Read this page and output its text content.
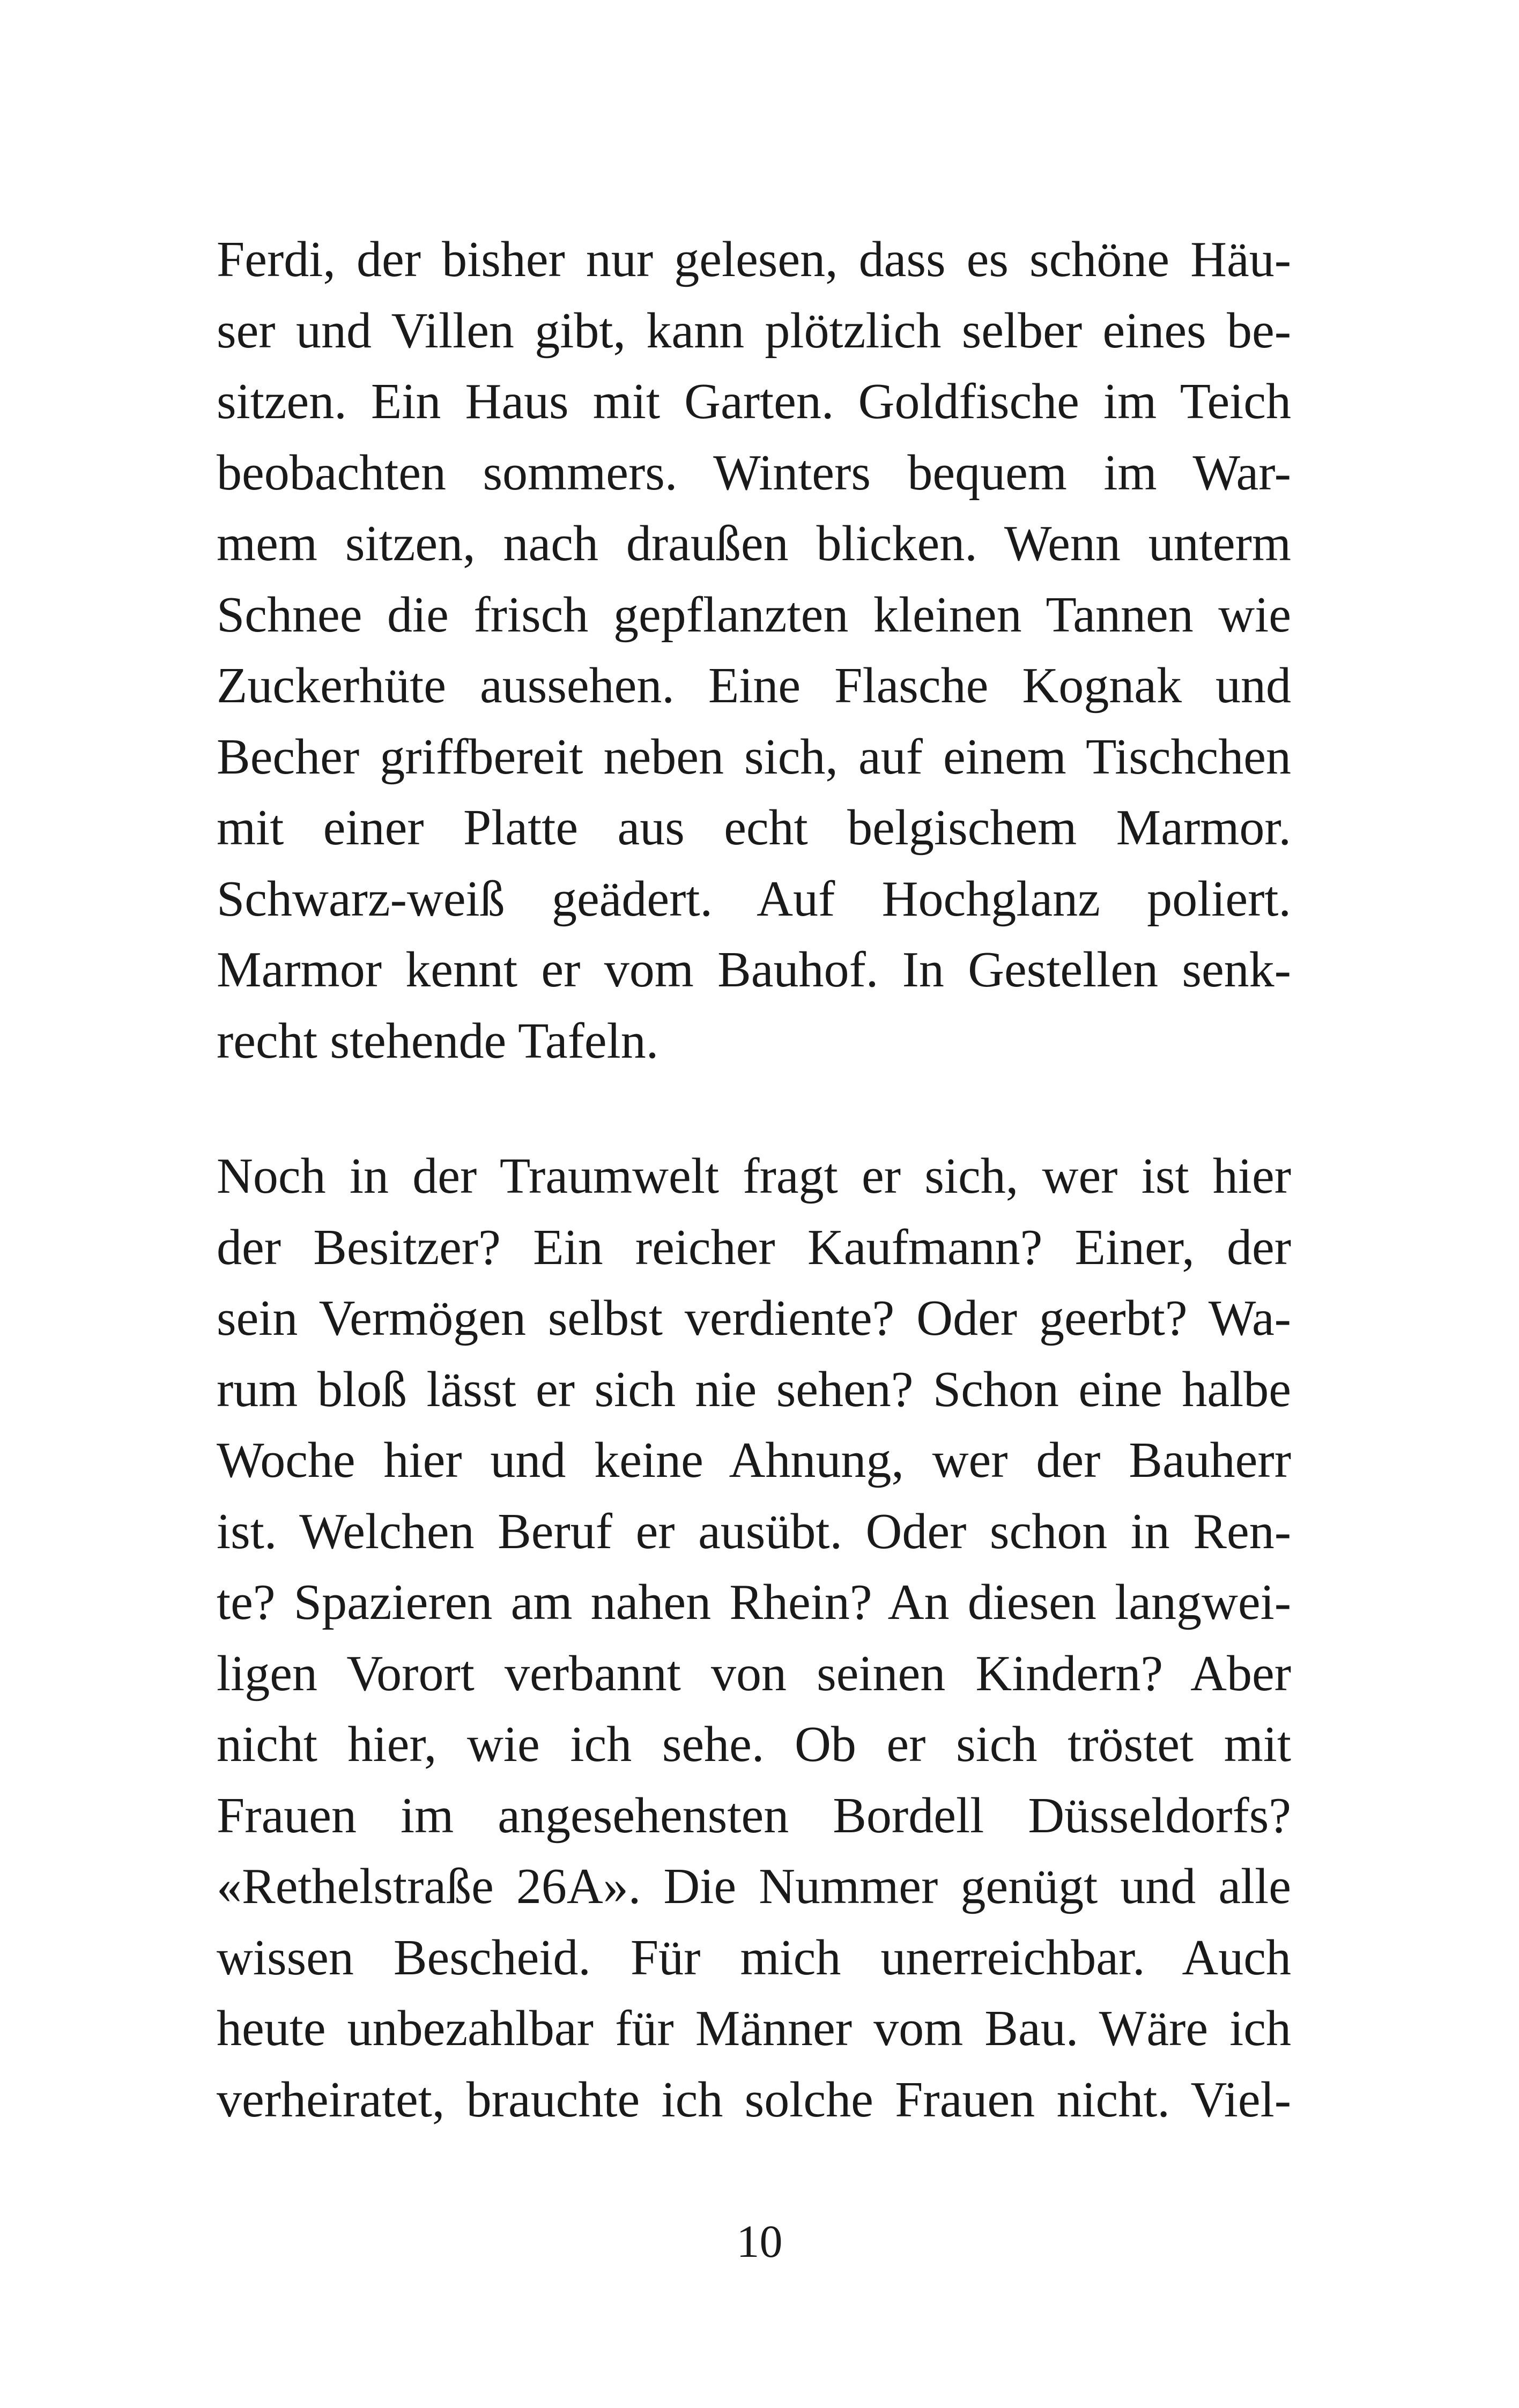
Ferdi, der bisher nur gelesen, dass es schöne Häu-
ser und Villen gibt, kann plötzlich selber eines be-
sitzen. Ein Haus mit Garten. Goldfische im Teich
beobachten sommers. Winters bequem im War-
mem sitzen, nach draußen blicken. Wenn unterm
Schnee die frisch gepflanzten kleinen Tannen wie
Zuckerhüte aussehen. Eine Flasche Kognak und
Becher griffbereit neben sich, auf einem Tischchen
mit einer Platte aus echt belgischem Marmor.
Schwarz-weiß geädert. Auf Hochglanz poliert.
Marmor kennt er vom Bauhof. In Gestellen senk-
recht stehende Tafeln.
Noch in der Traumwelt fragt er sich, wer ist hier
der Besitzer? Ein reicher Kaufmann? Einer, der
sein Vermögen selbst verdiente? Oder geerbt? Wa-
rum bloß lässt er sich nie sehen? Schon eine halbe
Woche hier und keine Ahnung, wer der Bauherr
ist. Welchen Beruf er ausübt. Oder schon in Ren-
te? Spazieren am nahen Rhein? An diesen langwei-
ligen Vorort verbannt von seinen Kindern? Aber
nicht hier, wie ich sehe. Ob er sich tröstet mit
Frauen im angesehensten Bordell Düsseldorfs?
«Rethelstraße 26A». Die Nummer genügt und alle
wissen Bescheid. Für mich unerreichbar. Auch
heute unbezahlbar für Männer vom Bau. Wäre ich
verheiratet, brauchte ich solche Frauen nicht. Viel-
10
